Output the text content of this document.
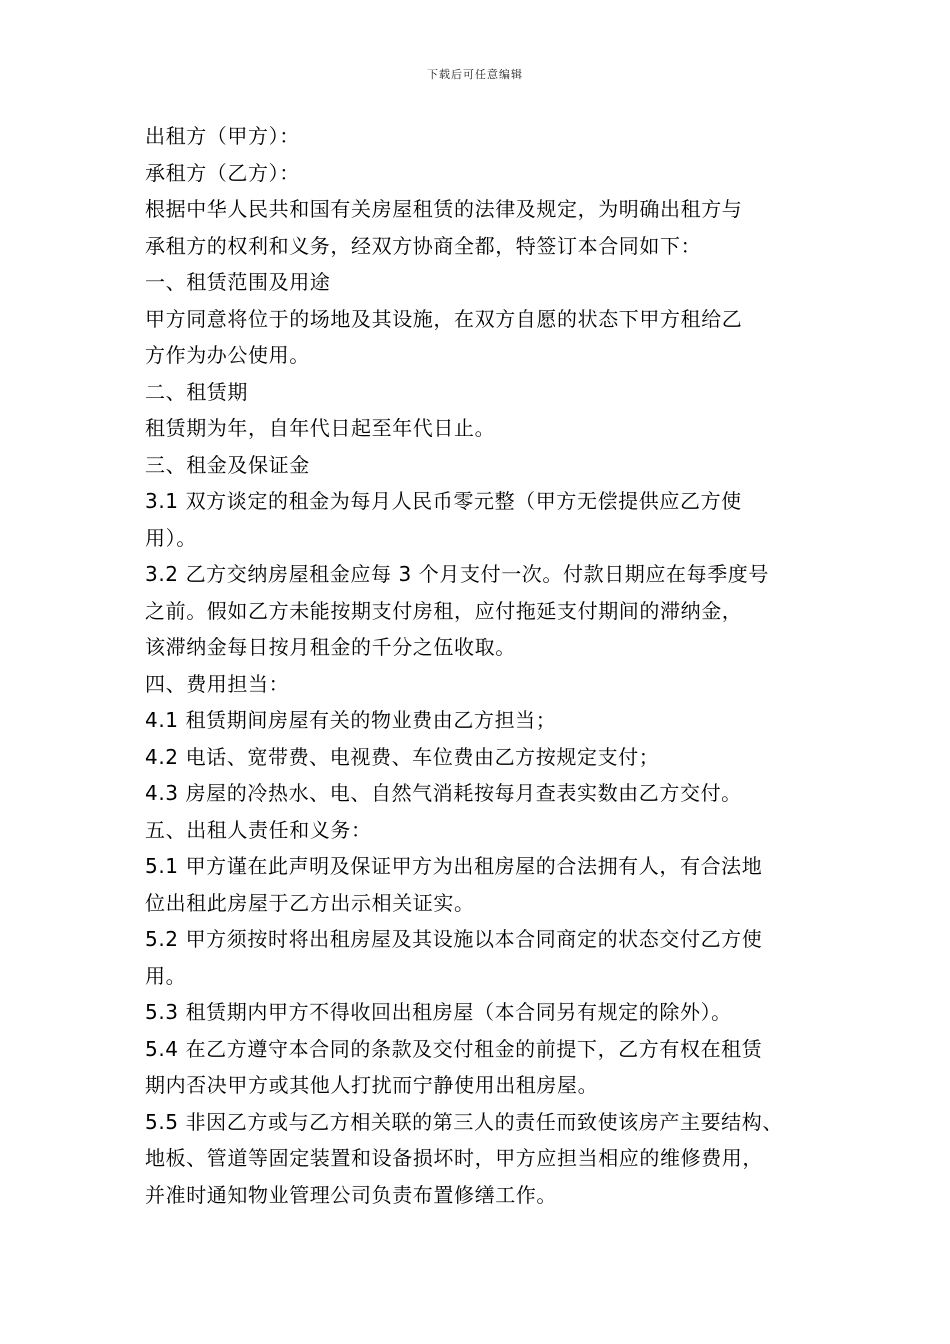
下载后可任意编辑

出租方（甲方）：

承租方（乙方）：

根据中华人民共和国有关房屋租赁的法律及规定，为明确出租方与

承租方的权利和义务，经双方协商全都，特签订本合同如下：

一、租赁范围及用途

甲方同意将位于的场地及其设施，在双方自愿的状态下甲方租给乙

方作为办公使用。

二、租赁期

租赁期为年，自年代日起至年代日止。

三、租金及保证金

3.1 双方谈定的租金为每月人民币零元整（甲方无偿提供应乙方使

用）。

3.2 乙方交纳房屋租金应每 3 个月支付一次。付款日期应在每季度号

之前。假如乙方未能按期支付房租，应付拖延支付期间的滞纳金，

该滞纳金每日按月租金的千分之伍收取。

四、费用担当：

4.1 租赁期间房屋有关的物业费由乙方担当；

4.2 电话、宽带费、电视费、车位费由乙方按规定支付；

4.3 房屋的冷热水、电、自然气消耗按每月查表实数由乙方交付。

五、出租人责任和义务：

5.1 甲方谨在此声明及保证甲方为出租房屋的合法拥有人，有合法地

位出租此房屋于乙方出示相关证实。

5.2 甲方须按时将出租房屋及其设施以本合同商定的状态交付乙方使

用。

5.3 租赁期内甲方不得收回出租房屋（本合同另有规定的除外）。

5.4 在乙方遵守本合同的条款及交付租金的前提下，乙方有权在租赁

期内否决甲方或其他人打扰而宁静使用出租房屋。

5.5 非因乙方或与乙方相关联的第三人的责任而致使该房产主要结构、

地板、管道等固定装置和设备损坏时，甲方应担当相应的维修费用，

并准时通知物业管理公司负责布置修缮工作。
